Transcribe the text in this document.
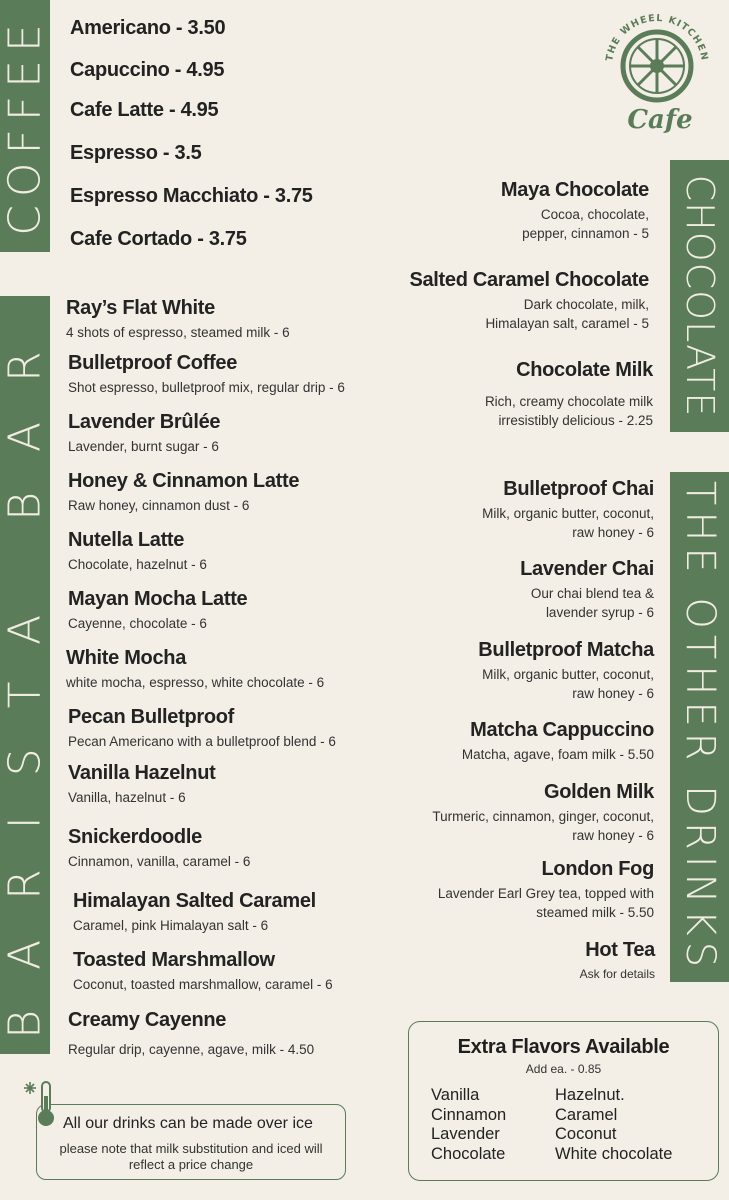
COFFEE
BARISTA BAR
CHOCOLATE
THE OTHER DRINKS
THE WHEEL KITCHEN
Cafe
Americano - 3.50
Capuccino - 4.95
Cafe Latte - 4.95
Espresso - 3.5
Espresso Macchiato - 3.75
Cafe Cortado - 3.75
Ray’s Flat White
4 shots of espresso, steamed milk - 6
Bulletproof Coffee
Shot espresso, bulletproof mix, regular drip - 6
Lavender Brûlée
Lavender, burnt sugar - 6
Honey & Cinnamon Latte
Raw honey, cinnamon dust - 6
Nutella Latte
Chocolate, hazelnut - 6
Mayan Mocha Latte
Cayenne, chocolate - 6
White Mocha
white mocha, espresso, white chocolate - 6
Pecan Bulletproof
Pecan Americano with a bulletproof blend - 6
Vanilla Hazelnut
Vanilla, hazelnut - 6
Snickerdoodle
Cinnamon, vanilla, caramel - 6
Himalayan Salted Caramel
Caramel, pink Himalayan salt - 6
Toasted Marshmallow
Coconut, toasted marshmallow, caramel - 6
Creamy Cayenne
Regular drip, cayenne, agave, milk - 4.50
Maya Chocolate
Cocoa, chocolate,
pepper, cinnamon - 5
Salted Caramel Chocolate
Dark chocolate, milk,
Himalayan salt, caramel - 5
Chocolate Milk
Rich, creamy chocolate milk
irresistibly delicious - 2.25
Bulletproof Chai
Milk, organic butter, coconut,
raw honey - 6
Lavender Chai
Our chai blend tea &
lavender syrup - 6
Bulletproof Matcha
Milk, organic butter, coconut,
raw honey - 6
Matcha Cappuccino
Matcha, agave, foam milk - 5.50
Golden Milk
Turmeric, cinnamon, ginger, coconut,
raw honey - 6
London Fog
Lavender Earl Grey tea, topped with
steamed milk - 5.50
Hot Tea
Ask for details
Extra Flavors Available
Add ea. - 0.85
Vanilla
Cinnamon
Lavender
Chocolate
Hazelnut.
Caramel
Coconut
White chocolate
All our drinks can be made over ice
please note that milk substitution and iced will reflect a price change
